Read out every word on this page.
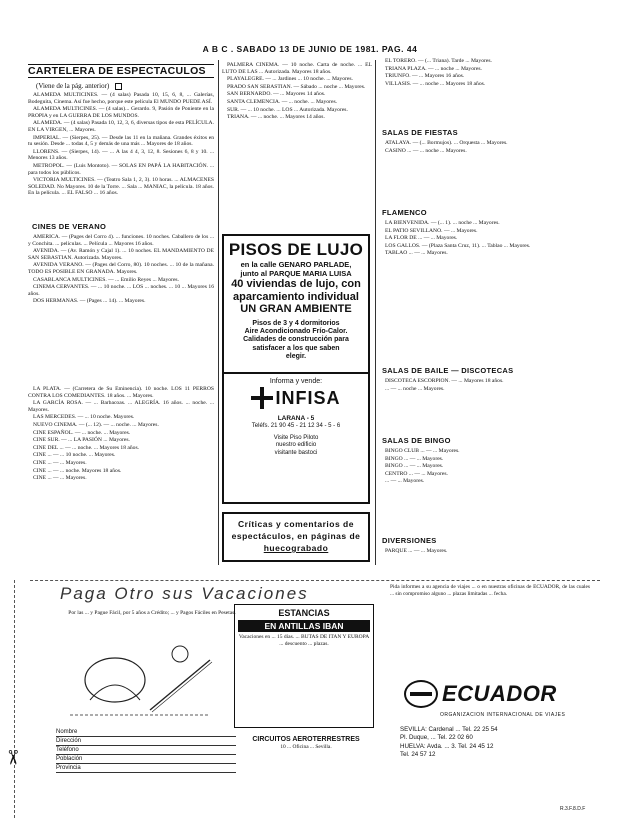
A B C . SABADO 13 DE JUNIO DE 1981. PAG. 44
CARTELERA DE ESPECTACULOS
(Viene de la pág. anterior)

ALAMEDA MULTICINES. — (4 salas) Pasada 10, 15, 6, 8, ... Galerías, Bodeguita, Cinema. Así fue hecho, porque este película El MUNDO PUEDE ASÍ.

ALAMEDA MULTICINES. — (4 salas)... Gerardo. 9, Pasión de Poniente en la PROPIA y en LA GUERRA DE LOS MUNDOS.

ALAMEDA. — (4 salas) Pasada 10, 12, 3, 6, diversas tipos de esta PELÍCULA. EN LA VIRGEN, ... Mayores.

IMPERIAL. — (Sierpes, 25). — Desde las 11 en la mañana. Grandes éxitos en tu sesión. Desde ... todas 4, 5 y demás de una más ... Mayores de 18 años.

LLORENS. — (Sierpes, 14). — ... A las 4 4, 3, 12, 8. Sesiones 6, 8 y 10. ... Menores 13 años.

METROPOL. — (Luis Montoto). — SOLAS EN PAPÁ LA HABITACIÓN. ... para todos los públicos.

VICTORIA MULTICINES. — (Teatro Sala 1, 2, 3). 10 horas. ... ALMACENES SOLEDAD. No Mayores. 10 de la Torre. ... Sala ... MANIAC, la película. 18 años. En la película. ... EL FALSO ... 16 años.

CINES DE VERANO

AMERICA. — (Pages del Corro 4). ... funciones. 10 noches. Caballero de los ... y Conchita. ... películas. ... Película ... Mayores 16 años.

AVENIDA. — (Av. Ramón y Cajal 1). ... 10 noches. EL MANDAMIENTO DE SAN SEBASTIAN. Autorizada. Mayores.

AVENIDA VERANO. — (Pages del Corro, 80). 10 noches. ... 10 de la mañana. TODO ES POSIBLE EN GRANADA. Mayores.

CASABLANCA MULTICINES. — ... Emilio Reyes ... Mayores.

CINEMA CERVANTES. — ... 10 noche. ... LOS ... noches. ... 10 ... Mayores 16 años.

DOS HERMANAS. — (Pages ... 14). ... Mayores.

LA PLATA. — (Carretera de Su Eminencia). 10 noche. LOS 11 PERROS CONTRA LOS COMEDIANTES. 18 años. ... Mayores.

LA GARCÍA ROSA. — ... Barbacoas. ... ALEGRÍA. 16 años. ... noche. ... Mayores.

LAS MERCEDES. — ... 10 noche. Mayores.

NUEVO CINEMA. — (... 12). — ... noche. ... Mayores.

CINE ESPAÑOL. — ... noche. ... Mayores.

CINE SUR. — ... LA PASIÓN ... Mayores.

CINE DEL ... — ... noche. ... Mayores 18 años.

CINE ... — ... 10 noche. ... Mayores.

CINE ... — ... Mayores.

CINE ... — ... noche. Mayores 18 años.

CINE ... — ... Mayores.

PALMERA CINEMA. — 10 noche. Carta de noche. ... EL LUTO DE LAS ... Autorizada. Mayores 18 años.

PLAYALEGRE. — ... Jardines ... 10 noche. ... Mayores.

PRADO SAN SEBASTIAN. — Sábado ... noche ... Mayores.

SAN BERNARDO. — ... Mayores 14 años.

SANTA CLEMENCIA. — ... noche. ... Mayores.

SUR. — ... 10 noche. ... LOS ... Autorizada. Mayores.

TRIANA. — ... noche. ... Mayores 14 años.

PISOS DE LUJO
en la calle GENARO PARLADE,
junto al PARQUE MARIA LUISA
40 viviendas de lujo, con
aparcamiento individual
UN GRAN AMBIENTE
Pisos de 3 y 4 dormitorios
Aire Acondicionado Frío-Calor.
Calidades de construcción para
satisfacer a los que saben
elegir.
Informa y vende:
INFISA
LARANA - 5
Teléfs. 21 90 45 - 21 12 34 - 5 - 6
Visite Piso Piloto
nuestro edificio
visitante bastoci
Críticas y comentarios de
espectáculos, en páginas de
huecograbado

EL TORERO. — (... Triana). Tarde ... Mayores.

TRIANA PLAZA. — ... noche ... Mayores.

TRIUNFO. — ... Mayores 16 años.

VILLASIS. — ... noche ... Mayores 18 años.

SALAS DE FIESTAS

ATALAYA. — (... Bormujos). ... Orquesta ... Mayores.

CASINO ... — ... noche ... Mayores.

FLAMENCO

LA BIENVENIDA. — (... 1). ... noche ... Mayores.

EL PATIO SEVILLANO. — ... Mayores.

LA FLOR DE ... — ... Mayores.

LOS GALLOS. — (Plaza Santa Cruz, 11). ... Tablao ... Mayores.

TABLAO ... — ... Mayores.

SALAS DE BAILE — DISCOTECAS

DISCOTECA ESCORPION. — ... Mayores 18 años.

... — ... noche ... Mayores.

SALAS DE BINGO

BINGO CLUB ... — ... Mayores.

BINGO ... — ... Mayores.

BINGO ... — ... Mayores.

CENTRO ... — ... Mayores.

... — ... Mayores.

DIVERSIONES

PARQUE ... — ... Mayores.

✂
Paga Otro sus Vacaciones
Por las ... y Pague Fácil, por 5 años a Crédito; ... y Pagos Fáciles en Pesetas.	ESTANCIAS
EN ANTILLAS IBAN
Vacaciones en ... 15 días. ... BUTAS DE ITAN Y EUROPA ... descuento ... plazas.
Nombre
Dirección
Teléfono
Población
Provincia
CIRCUITOS AEROTERRESTRES
10 ... Oficina ... Sevilla.
Pida informes a su agencia de viajes ... o en nuestras oficinas de ECUADOR, de las cuales ... sin compromiso alguno ... plazas limitadas ... fecha.
ECUADOR
ORGANIZACION INTERNACIONAL DE VIAJES
SEVILLA: Cardenal ... Tel. 22 25 54
Pl. Duque, ... Tel. 22 02 60
HUELVA: Avda. ... 3. Tel. 24 45 12
Tel. 24 57 12
R.3.F.8.D.F
